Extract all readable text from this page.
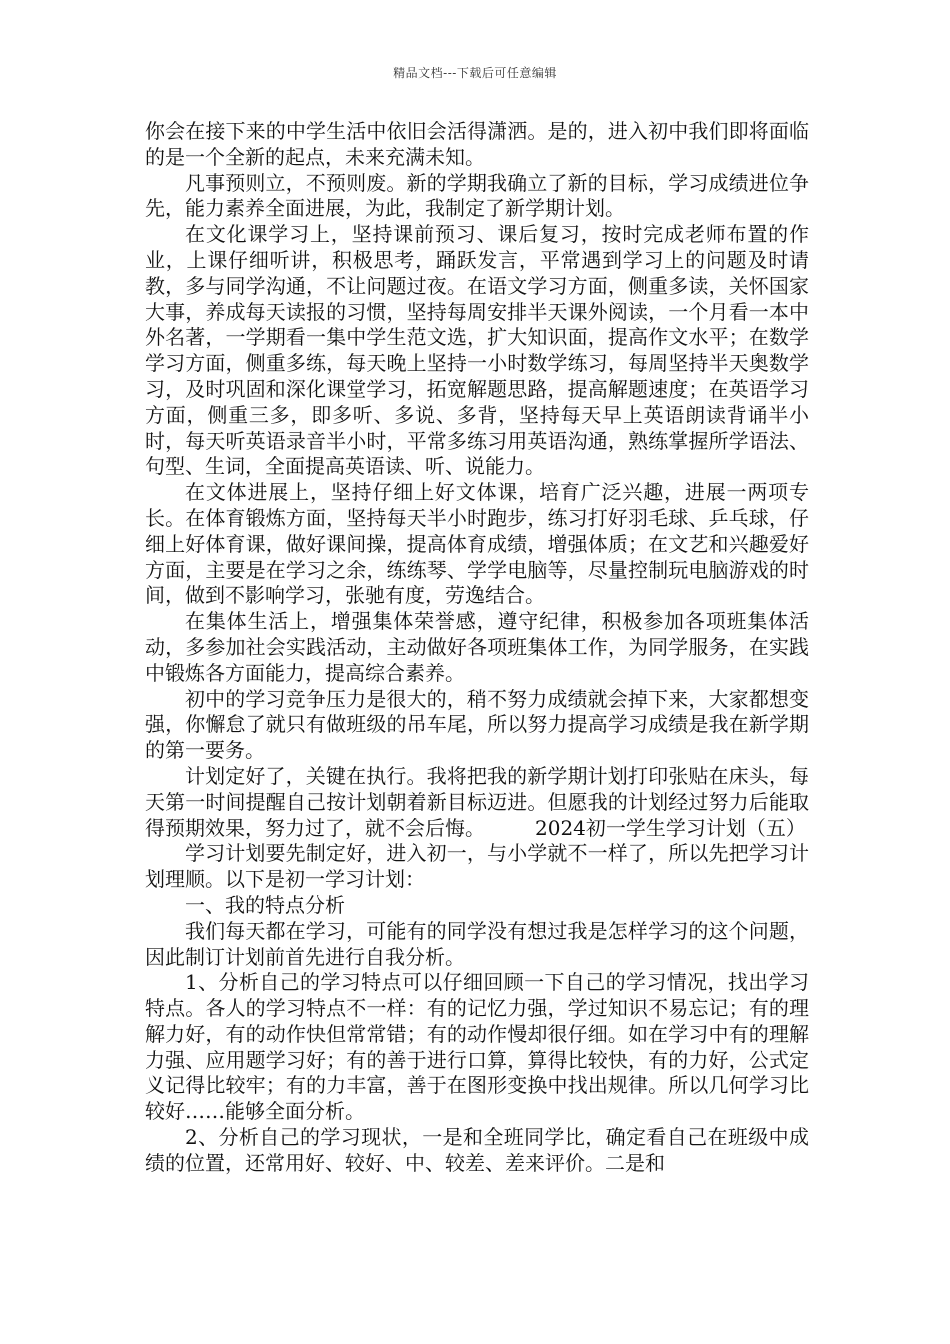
精品文档---下载后可任意编辑

你会在接下来的中学生活中依旧会活得潇洒。是的，进入初中我们即将面临的是一个全新的起点，未来充满未知。

凡事预则立，不预则废。新的学期我确立了新的目标，学习成绩进位争先，能力素养全面进展，为此，我制定了新学期计划。

在文化课学习上，坚持课前预习、课后复习，按时完成老师布置的作业，上课仔细听讲，积极思考，踊跃发言，平常遇到学习上的问题及时请教，多与同学沟通，不让问题过夜。在语文学习方面，侧重多读，关怀国家大事，养成每天读报的习惯，坚持每周安排半天课外阅读，一个月看一本中外名著，一学期看一集中学生范文选，扩大知识面，提高作文水平；在数学学习方面，侧重多练，每天晚上坚持一小时数学练习，每周坚持半天奥数学习，及时巩固和深化课堂学习，拓宽解题思路，提高解题速度；在英语学习方面，侧重三多，即多听、多说、多背，坚持每天早上英语朗读背诵半小时，每天听英语录音半小时，平常多练习用英语沟通，熟练掌握所学语法、句型、生词，全面提高英语读、听、说能力。

在文体进展上，坚持仔细上好文体课，培育广泛兴趣，进展一两项专长。在体育锻炼方面，坚持每天半小时跑步，练习打好羽毛球、乒乓球，仔细上好体育课，做好课间操，提高体育成绩，增强体质；在文艺和兴趣爱好方面，主要是在学习之余，练练琴、学学电脑等，尽量控制玩电脑游戏的时间，做到不影响学习，张驰有度，劳逸结合。

在集体生活上，增强集体荣誉感，遵守纪律，积极参加各项班集体活动，多参加社会实践活动，主动做好各项班集体工作，为同学服务，在实践中锻炼各方面能力，提高综合素养。

初中的学习竞争压力是很大的，稍不努力成绩就会掉下来，大家都想变强，你懈怠了就只有做班级的吊车尾，所以努力提高学习成绩是我在新学期的第一要务。

计划定好了，关键在执行。我将把我的新学期计划打印张贴在床头，每天第一时间提醒自己按计划朝着新目标迈进。但愿我的计划经过努力后能取得预期效果，努力过了，就不会后悔。　　　2024初一学生学习计划（五）

学习计划要先制定好，进入初一，与小学就不一样了，所以先把学习计划理顺。以下是初一学习计划：

一、我的特点分析

我们每天都在学习，可能有的同学没有想过我是怎样学习的这个问题，因此制订计划前首先进行自我分析。

1、分析自己的学习特点可以仔细回顾一下自己的学习情况，找出学习特点。各人的学习特点不一样：有的记忆力强，学过知识不易忘记；有的理解力好，有的动作快但常常错；有的动作慢却很仔细。如在学习中有的理解力强、应用题学习好；有的善于进行口算，算得比较快，有的力好，公式定义记得比较牢；有的力丰富，善于在图形变换中找出规律。所以几何学习比较好……能够全面分析。

2、分析自己的学习现状，一是和全班同学比，确定看自己在班级中成绩的位置，还常用好、较好、中、较差、差来评价。二是和
